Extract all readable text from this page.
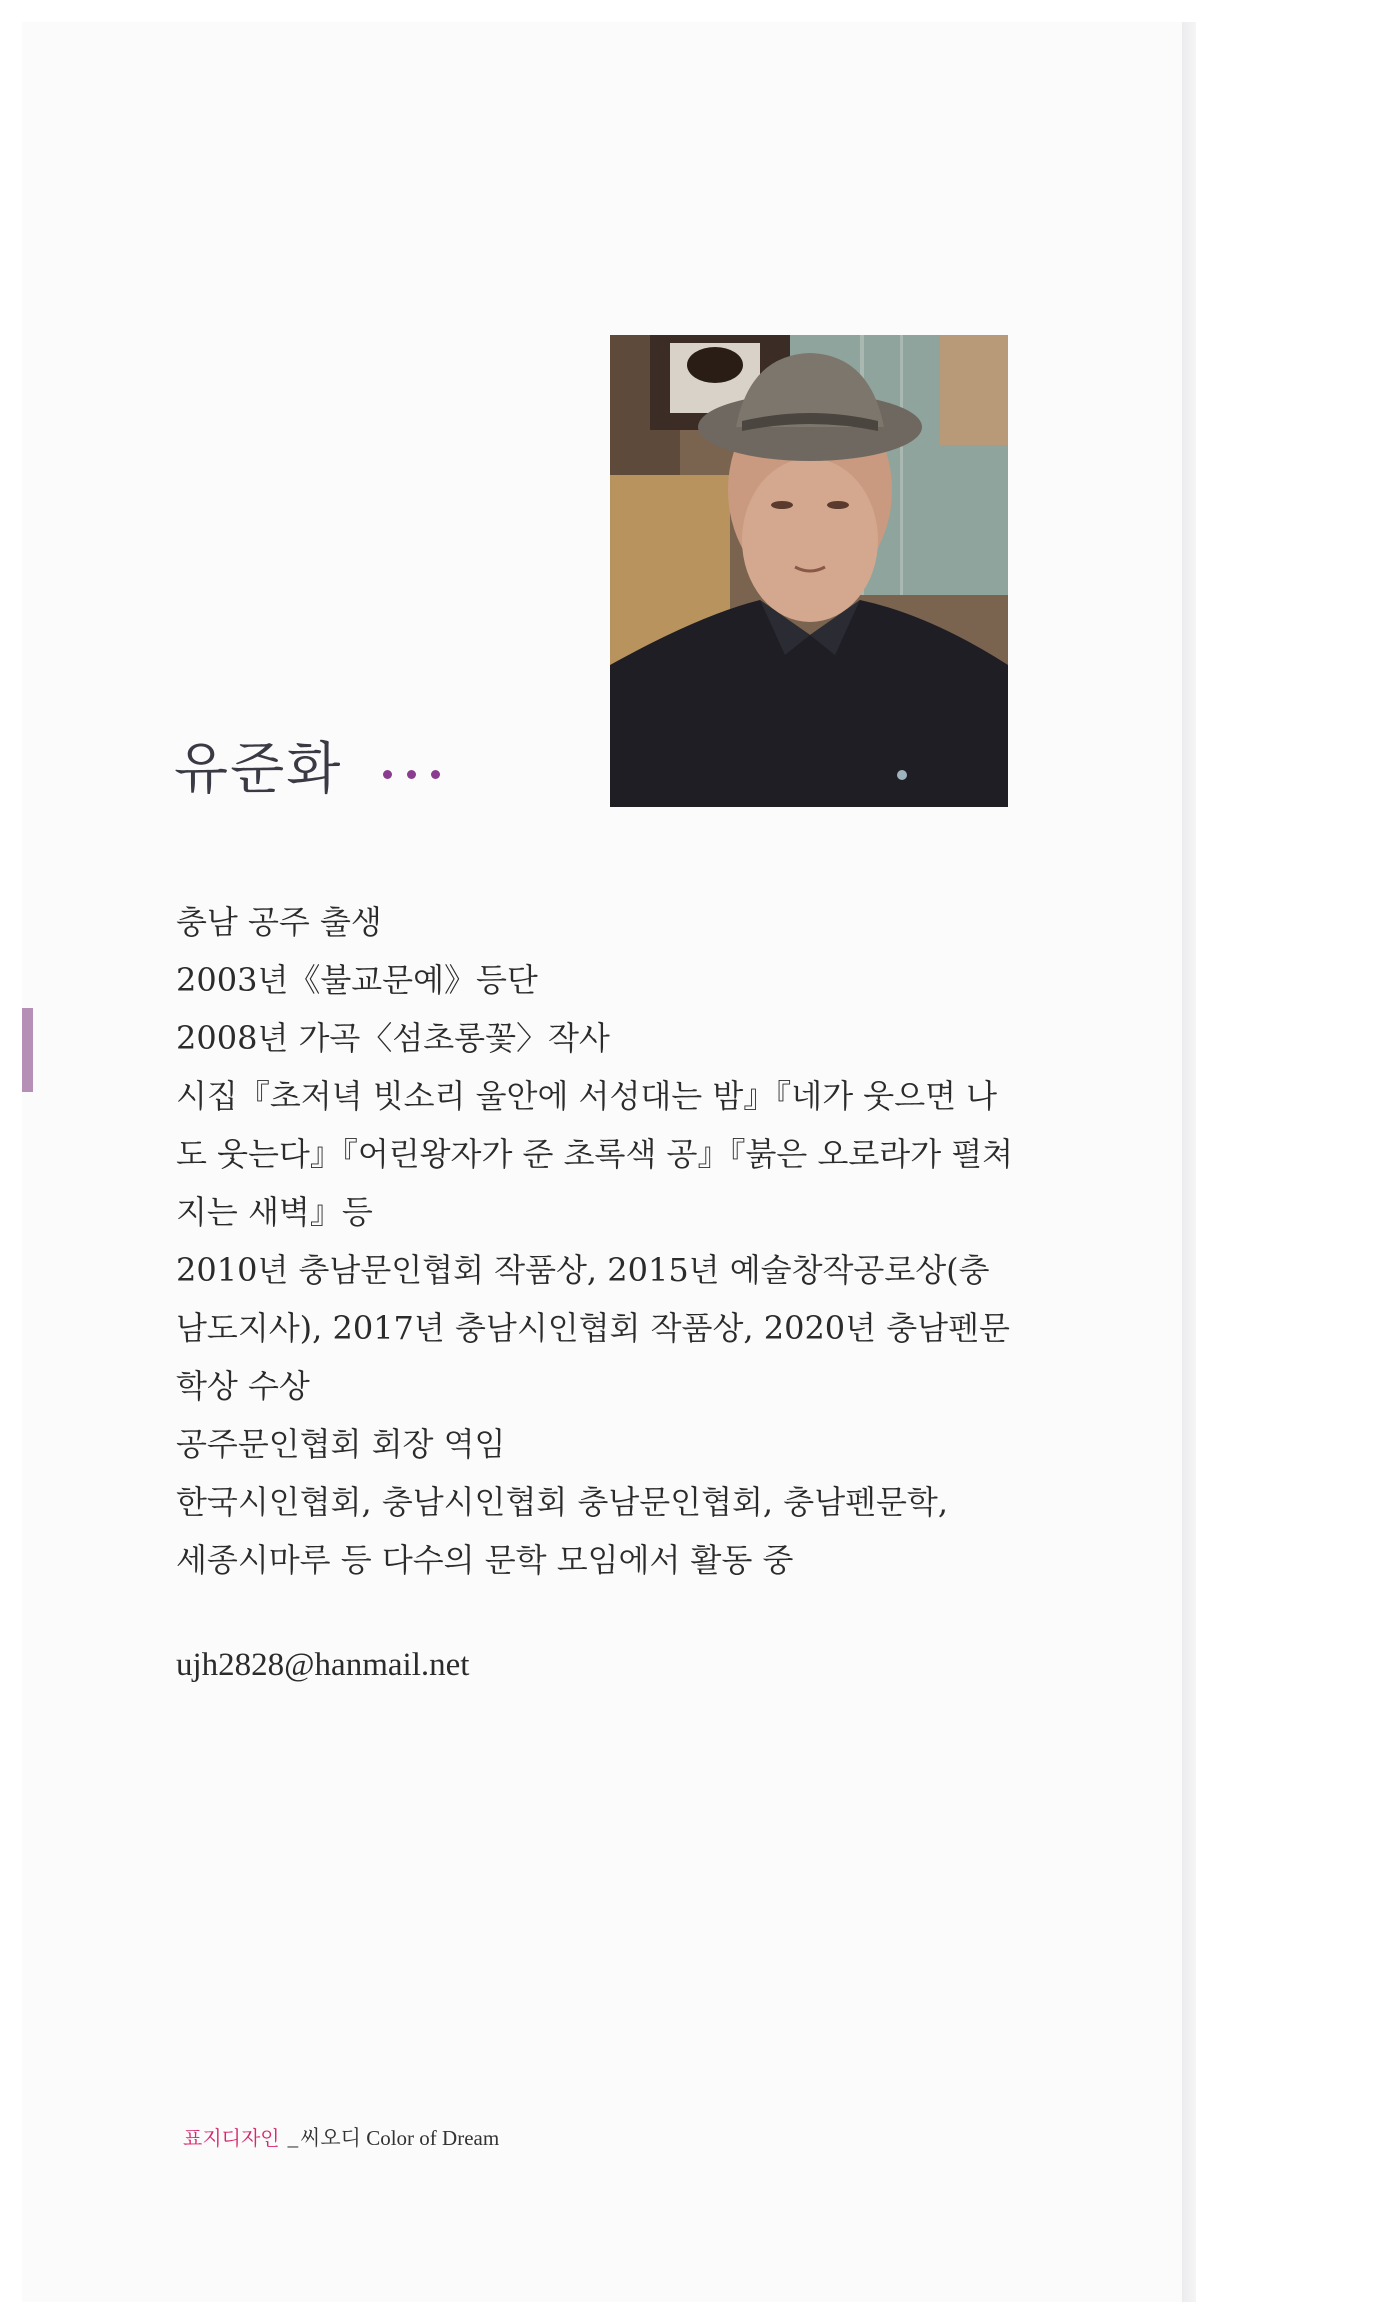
유준화
충남 공주 출생
2003년《불교문예》등단
2008년 가곡〈섬초롱꽃〉작사
시집『초저녁 빗소리 울안에 서성대는 밤』『네가 웃으면 나
도 웃는다』『어린왕자가 준 초록색 공』『붉은 오로라가 펼쳐
지는 새벽』등
2010년 충남문인협회 작품상, 2015년 예술창작공로상(충
남도지사), 2017년 충남시인협회 작품상, 2020년 충남펜문
학상 수상
공주문인협회 회장 역임
한국시인협회, 충남시인협회 충남문인협회, 충남펜문학,
세종시마루 등 다수의 문학 모임에서 활동 중
ujh2828@hanmail.net
표지디자인 _씨오디 Color of Dream
